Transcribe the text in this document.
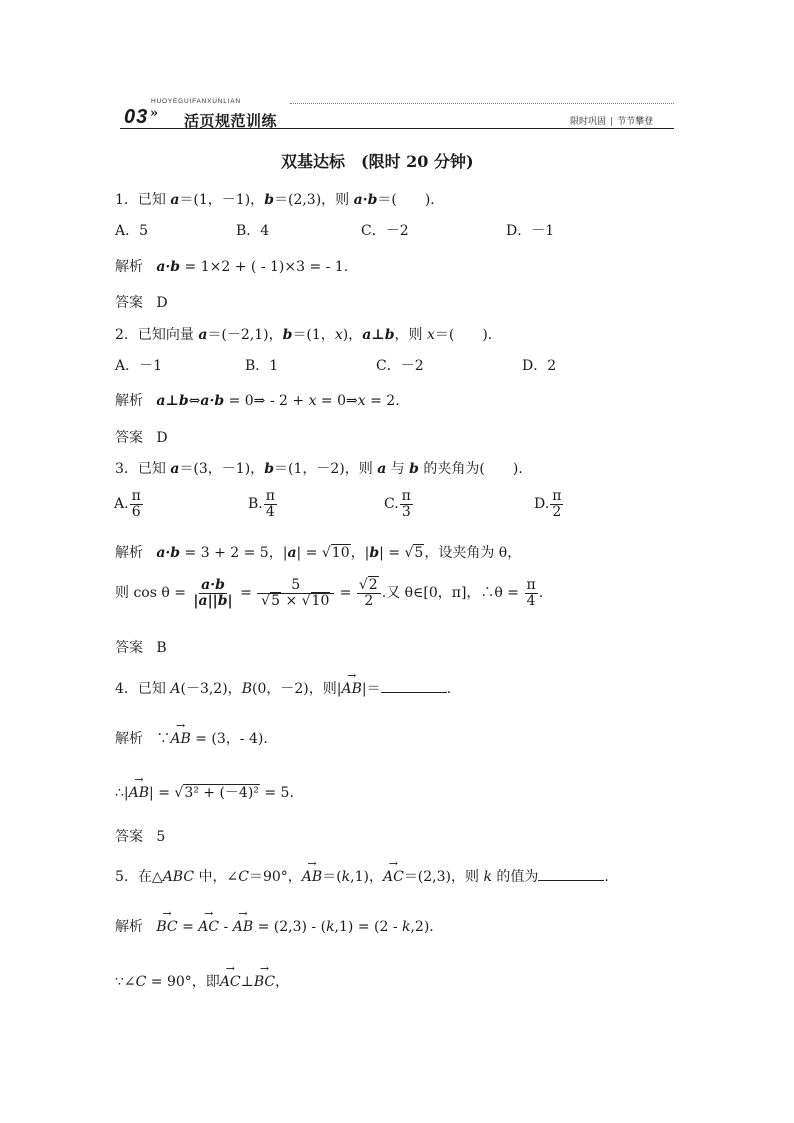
HUOYEGUIFANXUNLIAN
03 » 活页规范训练	限时巩固 | 节节攀登
双基达标　(限时 20 分钟)
1．已知 a＝(1，－1)，b＝(2,3)，则 a·b＝(　　)．
A．5	B．4	C．－2	D．－1
解析 a·b = 1×2 + ( - 1)×3 = - 1.
答案 D
2．已知向量 a＝(－2,1)，b＝(1，x)，a⊥b，则 x＝(　　)．
A．－1	B．1	C．－2	D．2
解析 a⊥b⇔a·b = 0⇒ - 2 + x = 0⇒x = 2.
答案 D
3．已知 a＝(3，－1)，b＝(1，－2)，则 a 与 b 的夹角为(　　)．
A. $\frac{\pi}{6}$	B. $\frac{\pi}{4}$	C. $\frac{\pi}{3}$	D. $\frac{\pi}{2}$
解析 a·b = 3 + 2 = 5，|a| = √10，|b| = √5，设夹角为 θ，
则 $\cos \theta = \frac{a\cdot b}{|a||b|} = \frac{5}{√5 \times √10} = \frac{√2}{2}$ .又 θ∈[0，π]，∴θ = $\frac{\pi}{4}$ .
答案 B
4．已知 A(－3,2)，B(0，－2)，则|→ AB|＝	.
解析 ∵→ AB = (3，- 4)．
∴|→ AB| = √3² + (－4)² = 5.
答案 5
5．在△ABC 中，∠C＝90°，→ AB＝(k,1)，→ AC＝(2,3)，则 k 的值为	.
解析   → BC = → AC - → AB = (2,3) - (k,1) = (2 - k,2)．
∵∠C = 90°，即→ AC⊥→ BC，
